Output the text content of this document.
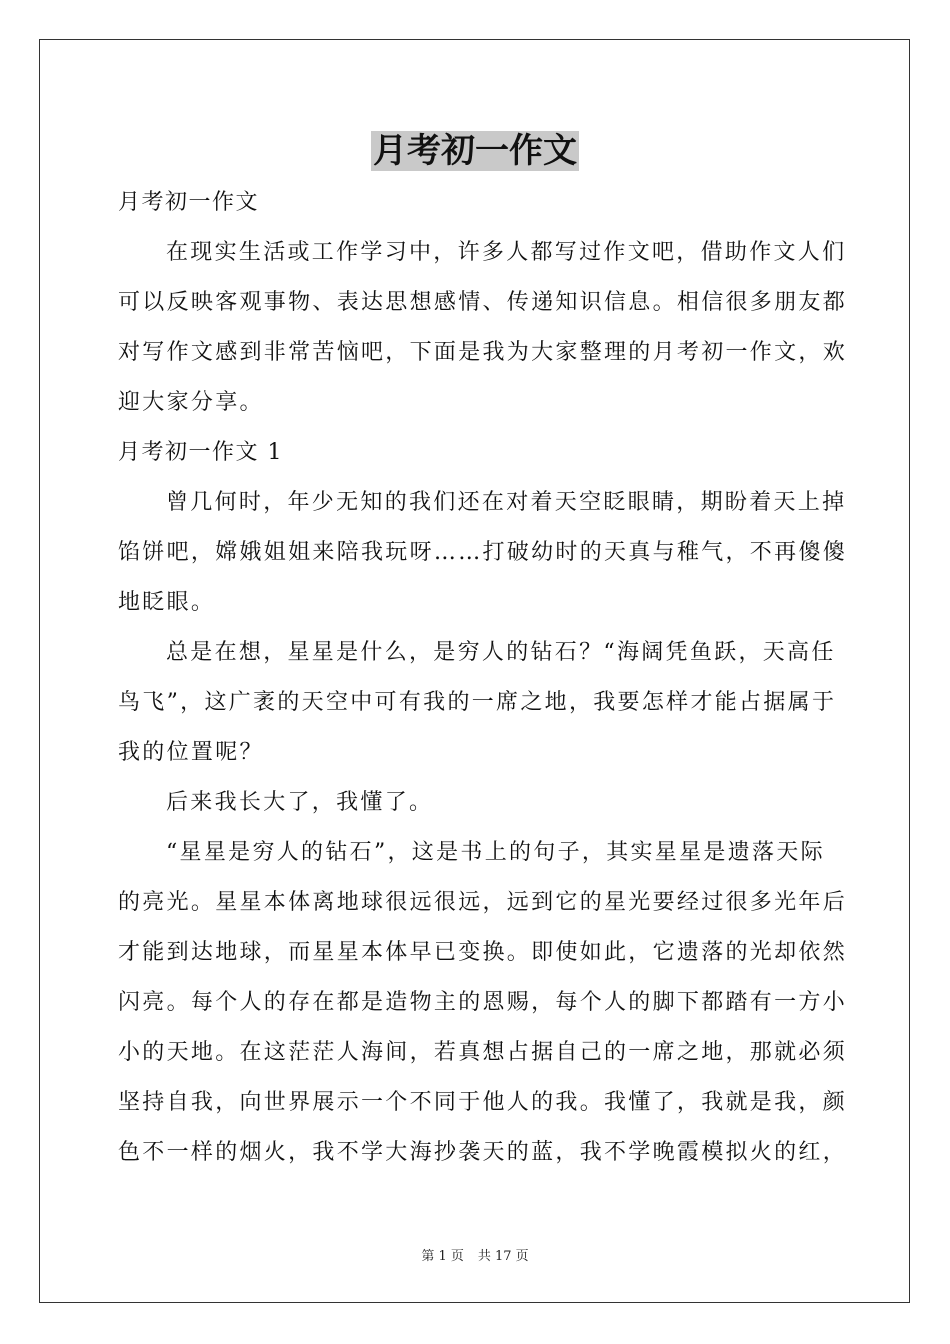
月考初一作文

月考初一作文

在现实生活或工作学习中，许多人都写过作文吧，借助作文人们

可以反映客观事物、表达思想感情、传递知识信息。相信很多朋友都

对写作文感到非常苦恼吧，下面是我为大家整理的月考初一作文，欢

迎大家分享。

月考初一作文 1

曾几何时，年少无知的我们还在对着天空眨眼睛，期盼着天上掉

馅饼吧，嫦娥姐姐来陪我玩呀……打破幼时的天真与稚气，不再傻傻

地眨眼。

总是在想，星星是什么，是穷人的钻石？“海阔凭鱼跃，天高任

鸟飞”，这广袤的天空中可有我的一席之地，我要怎样才能占据属于

我的位置呢？

后来我长大了，我懂了。

“星星是穷人的钻石”，这是书上的句子，其实星星是遗落天际

的亮光。星星本体离地球很远很远，远到它的星光要经过很多光年后

才能到达地球，而星星本体早已变换。即使如此，它遗落的光却依然

闪亮。每个人的存在都是造物主的恩赐，每个人的脚下都踏有一方小

小的天地。在这茫茫人海间，若真想占据自己的一席之地，那就必须

坚持自我，向世界展示一个不同于他人的我。我懂了，我就是我，颜

色不一样的烟火，我不学大海抄袭天的蓝，我不学晚霞模拟火的红，

第 1 页 共 17 页
